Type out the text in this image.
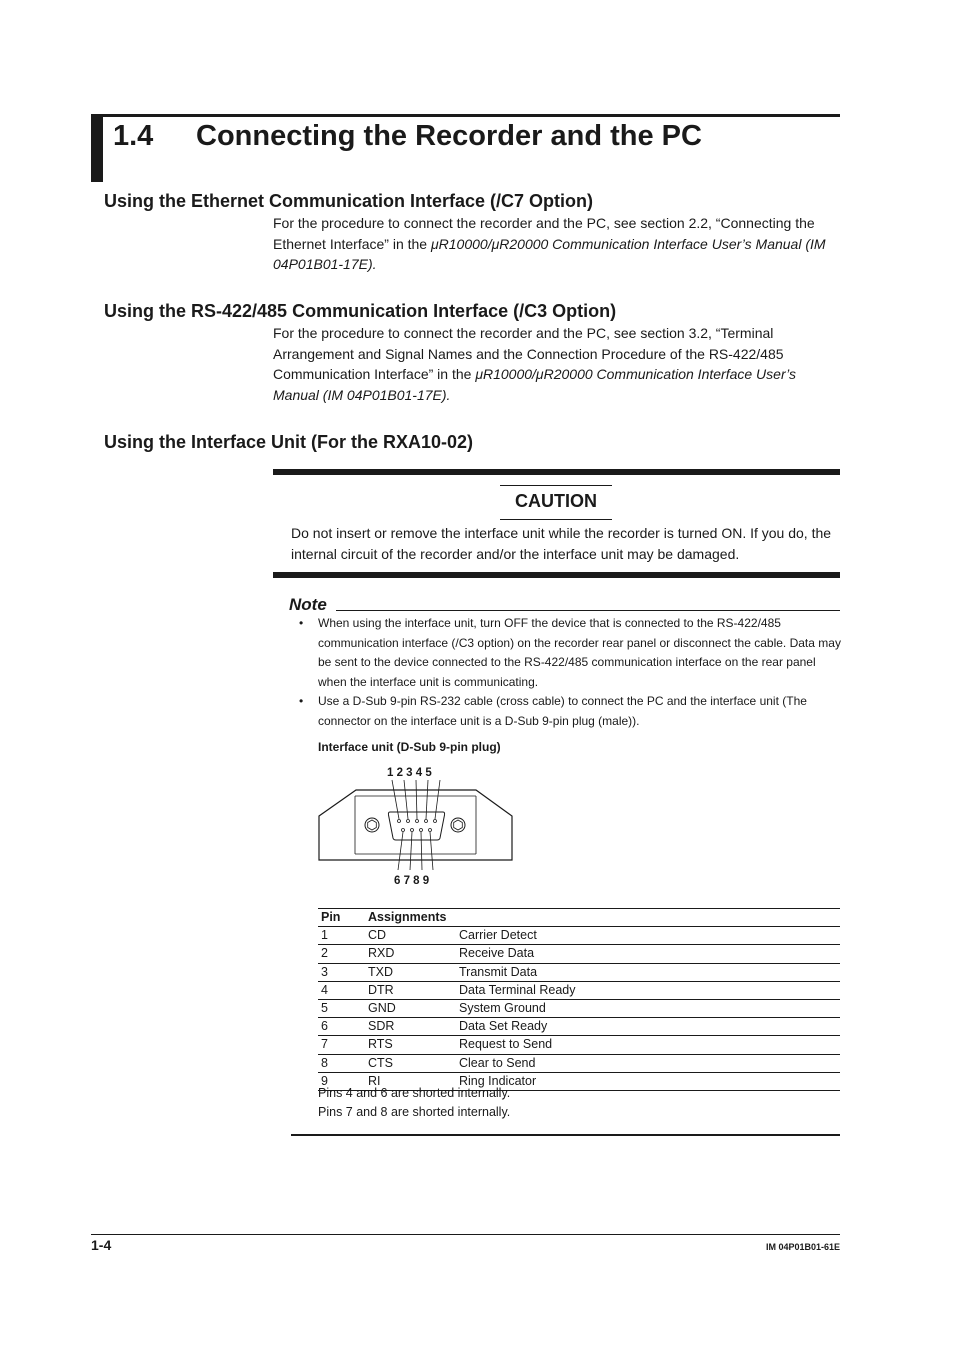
1.4 Connecting the Recorder and the PC
Using the Ethernet Communication Interface (/C7 Option)
For the procedure to connect the recorder and the PC, see section 2.2, “Connecting the Ethernet Interface” in the μR10000/μR20000 Communication Interface User’s Manual (IM 04P01B01-17E).
Using the RS-422/485 Communication Interface (/C3 Option)
For the procedure to connect the recorder and the PC, see section 3.2, “Terminal Arrangement and Signal Names and the Connection Procedure of the RS-422/485 Communication Interface” in the μR10000/μR20000 Communication Interface User’s Manual (IM 04P01B01-17E).
Using the Interface Unit (For the RXA10-02)
CAUTION
Do not insert or remove the interface unit while the recorder is turned ON. If you do, the internal circuit of the recorder and/or the interface unit may be damaged.
Note
• When using the interface unit, turn OFF the device that is connected to the RS-422/485 communication interface (/C3 option) on the recorder rear panel or disconnect the cable. Data may be sent to the device connected to the RS-422/485 communication interface on the rear panel when the interface unit is communicating.
• Use a D-Sub 9-pin RS-232 cable (cross cable) to connect the PC and the interface unit (The connector on the interface unit is a D-Sub 9-pin plug (male)).
Interface unit (D-Sub 9-pin plug)
1 2 3 4 5
6 7 8 9
Pin	Assignments	
1	CD	Carrier Detect
2	RXD	Receive Data
3	TXD	Transmit Data
4	DTR	Data Terminal Ready
5	GND	System Ground
6	SDR	Data Set Ready
7	RTS	Request to Send
8	CTS	Clear to Send
9	RI	Ring Indicator
Pins 4 and 6 are shorted internally.
Pins 7 and 8 are shorted internally.
1-4	IM 04P01B01-61E
